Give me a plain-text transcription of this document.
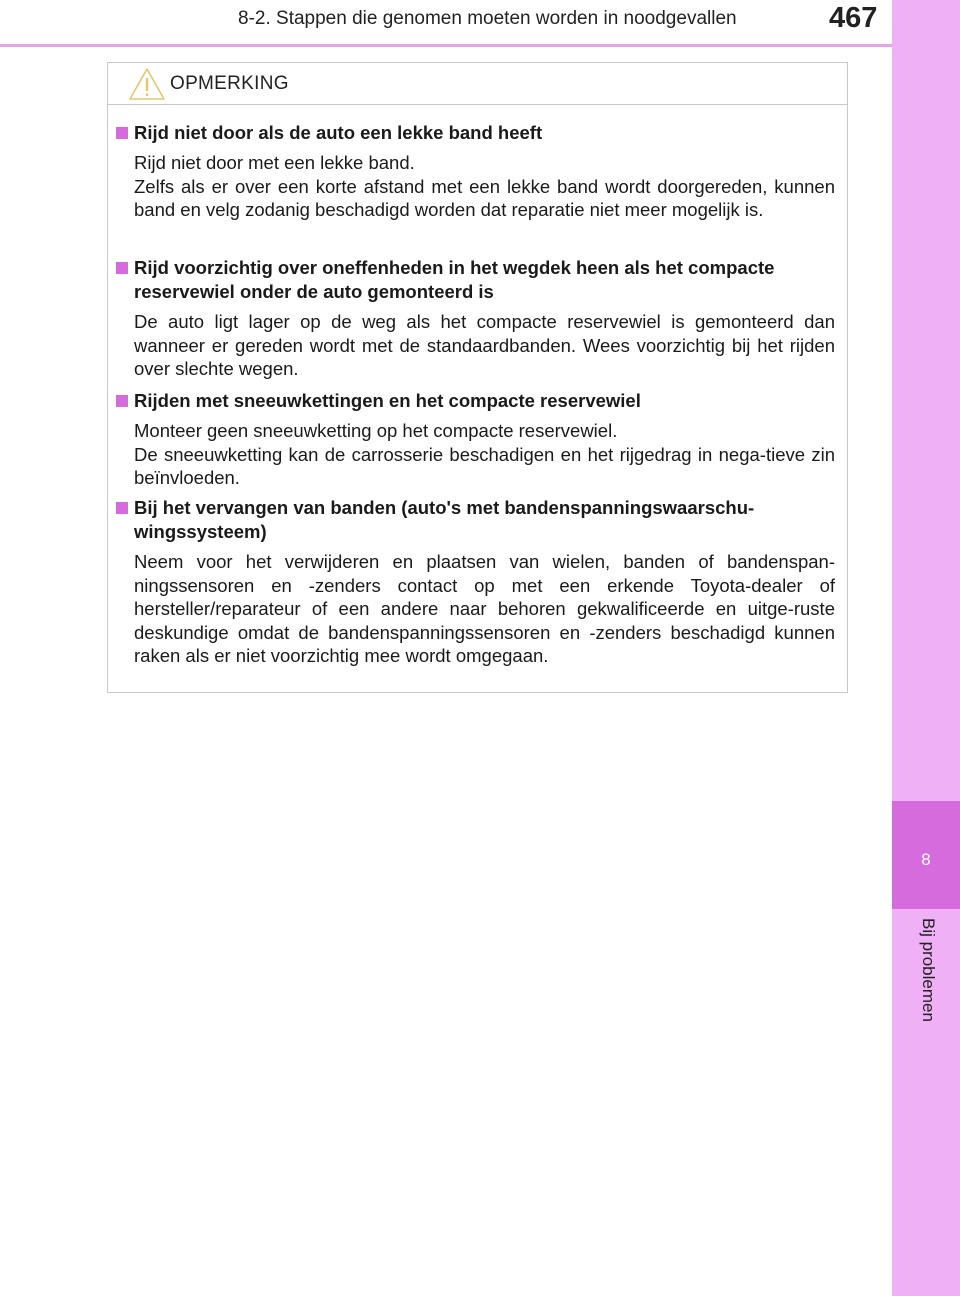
8-2. Stappen die genomen moeten worden in noodgevallen	467
8
Bij problemen
OPMERKING
Rijd niet door als de auto een lekke band heeft

Rijd niet door met een lekke band.

Zelfs als er over een korte afstand met een lekke band wordt doorgereden, kunnen band en velg zodanig beschadigd worden dat reparatie niet meer mogelijk is.

Rijd voorzichtig over oneffenheden in het wegdek heen als het compacte reservewiel onder de auto gemonteerd is

De auto ligt lager op de weg als het compacte reservewiel is gemonteerd dan wanneer er gereden wordt met de standaardbanden. Wees voorzichtig bij het rijden over slechte wegen.

Rijden met sneeuwkettingen en het compacte reservewiel

Monteer geen sneeuwketting op het compacte reservewiel.

De sneeuwketting kan de carrosserie beschadigen en het rijgedrag in nega-tieve zin beïnvloeden.

Bij het vervangen van banden (auto's met bandenspanningswaarschu-wingssysteem)

Neem voor het verwijderen en plaatsen van wielen, banden of bandenspan-ningssensoren en -zenders contact op met een erkende Toyota-dealer of hersteller/reparateur of een andere naar behoren gekwalificeerde en uitge-ruste deskundige omdat de bandenspanningssensoren en -zenders beschadigd kunnen raken als er niet voorzichtig mee wordt omgegaan.
